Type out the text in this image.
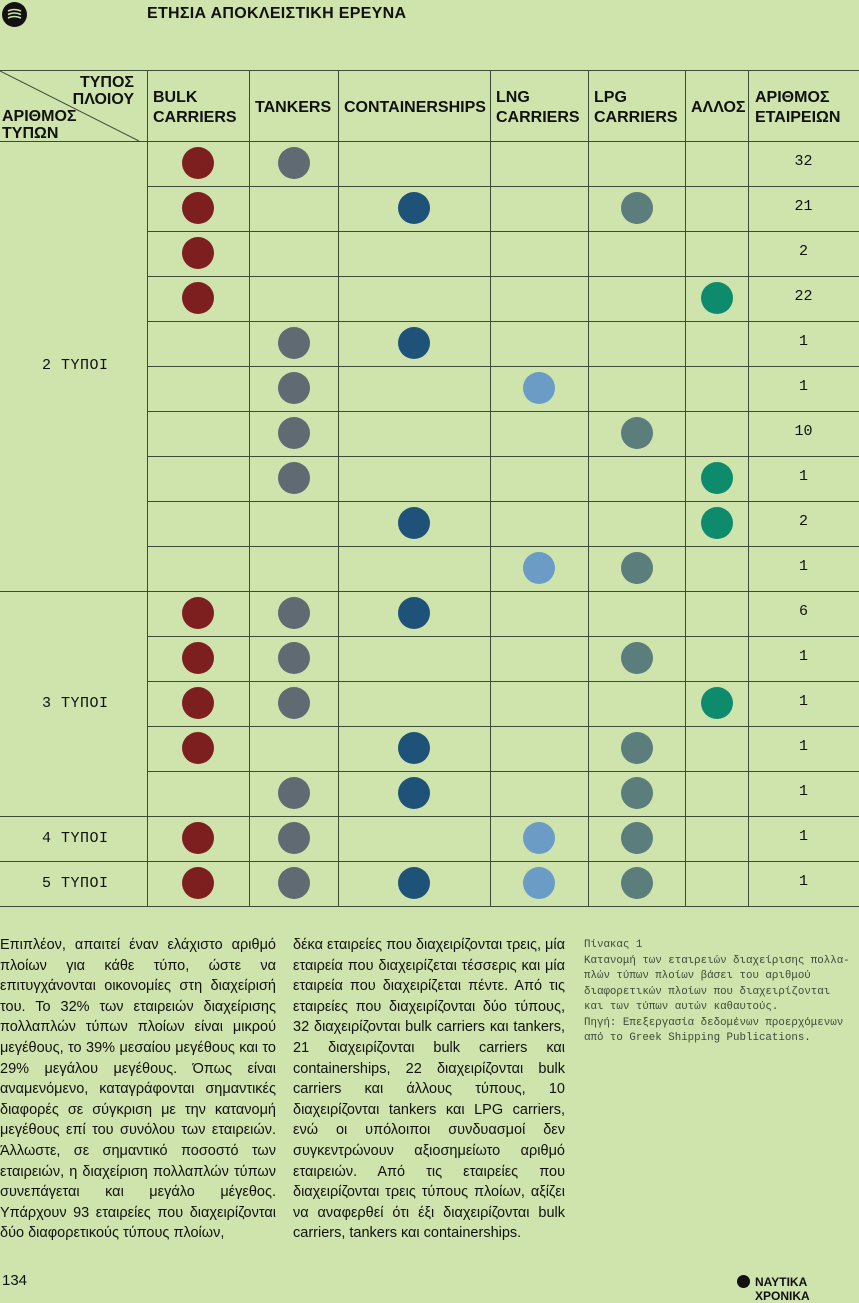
ΕΤΗΣΙΑ ΑΠΟΚΛΕΙΣΤΙΚΗ ΕΡΕΥΝΑ
ΤΥΠΟΣ
ΠΛΟΙΟΥ
ΑΡΙΘΜΟΣ
ΤΥΠΩΝ
BULK
CARRIERS
TANKERS CONTAINERSHIPS
LNG
CARRIERS
LPG
CARRIERS
ΑΛΛΟΣ
ΑΡΙΘΜΟΣ
ΕΤΑΙΡΕΙΩΝ
32
21
2
22
1
1
10
1
2
1
2 ΤΥΠΟΙ
6
1
1
1
1
3 ΤΥΠΟΙ
1
4 ΤΥΠΟΙ
1
5 ΤΥΠΟΙ
Επιπλέον, απαιτεί έναν ελάχιστο αριθμό πλοίων για κάθε τύπο, ώστε να επιτυγχάνονται οικονομίες στη διαχείρισή του. Το 32% των εταιρειών διαχείρισης πολλαπλών τύπων πλοίων είναι μικρού μεγέθους, το 39% μεσαίου μεγέθους και το 29% μεγάλου μεγέθους. Όπως είναι αναμενόμενο, καταγράφονται σημαντικές διαφορές σε σύγκριση με την κατανομή μεγέθους επί του συνόλου των εταιρειών. Άλλωστε, σε σημαντικό ποσοστό των εταιρειών, η διαχείριση πολλαπλών τύπων συνεπάγεται και μεγάλο μέγεθος. Υπάρχουν 93 εταιρείες που διαχειρίζονται δύο διαφορετικούς τύπους πλοίων,
δέκα εταιρείες που διαχειρίζονται τρεις, μία εταιρεία που διαχειρίζεται τέσσερις και μία εταιρεία που διαχειρίζεται πέντε. Από τις εταιρείες που διαχειρίζονται δύο τύπους, 32 διαχειρίζονται bulk carriers και tankers, 21 διαχειρίζονται bulk carriers και containerships, 22 διαχειρίζονται bulk carriers και άλλους τύπους, 10 διαχειρίζονται tankers και LPG carriers, ενώ οι υπόλοιποι συνδυασμοί δεν συγκεντρώνουν αξιοσημείωτο αριθμό εταιρειών. Από τις εταιρείες που διαχειρίζονται τρεις τύπους πλοίων, αξίζει να αναφερθεί ότι έξι διαχειρίζονται bulk carriers, tankers και containerships.
Πίνακας 1
Κατανομή των εταιρειών διαχείρισης πολλα-
πλών τύπων πλοίων βάσει του αριθμού
διαφορετικών πλοίων που διαχειρίζονται
και των τύπων αυτών καθαυτούς.
Πηγή: Επεξεργασία δεδομένων προερχόμενων
από το Greek Shipping Publications.
134	ΝΑΥΤΙΚΑ ΧΡΟΝΙΚΑ
